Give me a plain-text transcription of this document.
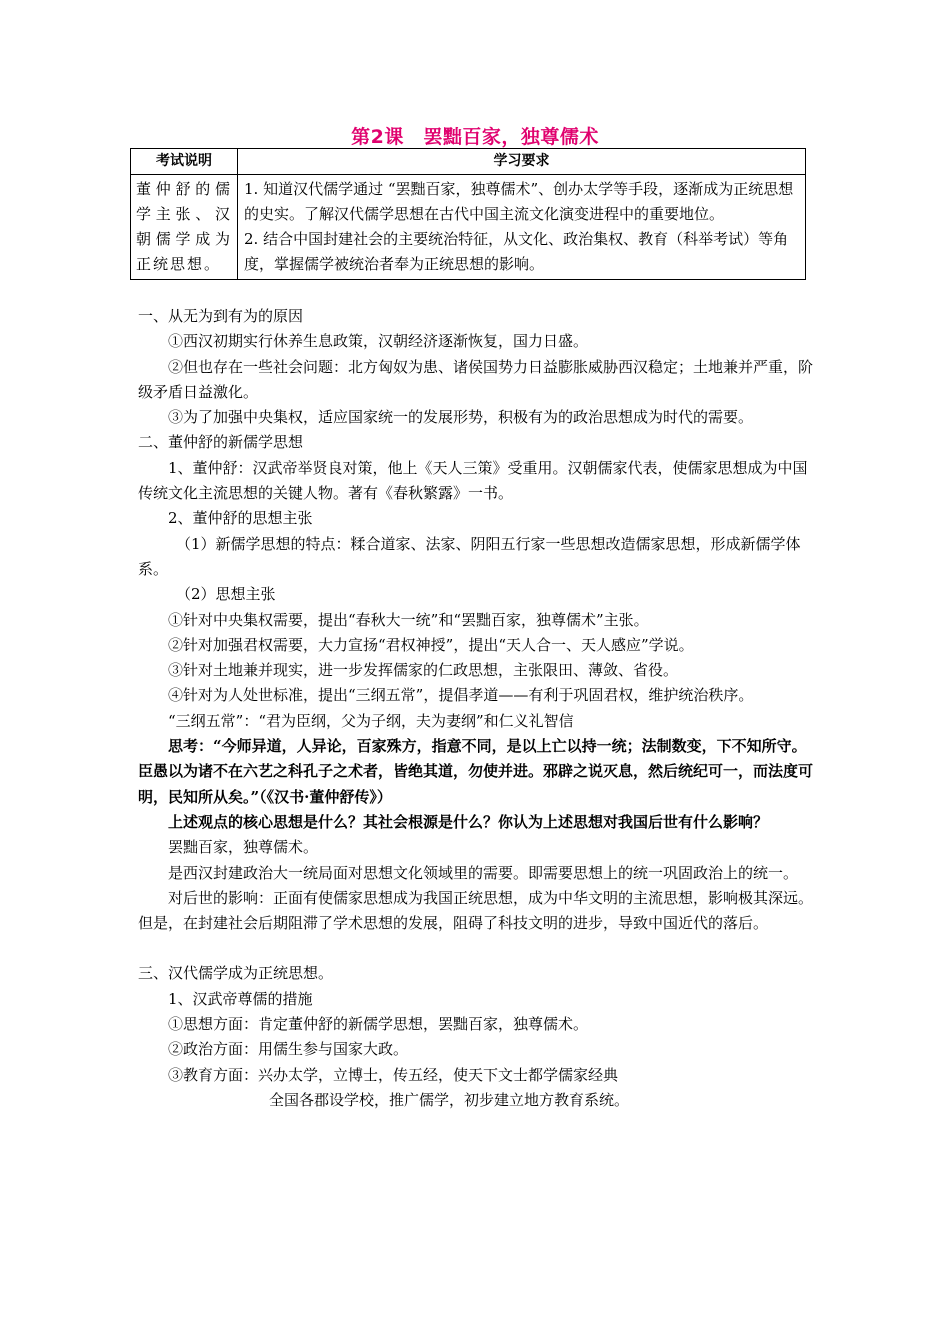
第2课　罢黜百家，独尊儒术
考试说明	学习要求
董仲舒的儒学主张、汉朝儒学成为正统思想。	1. 知道汉代儒学通过 “罢黜百家，独尊儒术”、创办太学等手段，逐渐成为正统思想的史实。了解汉代儒学思想在古代中国主流文化演变进程中的重要地位。
2. 结合中国封建社会的主要统治特征，从文化、政治集权、教育（科举考试）等角度，掌握儒学被统治者奉为正统思想的影响。

一、从无为到有为的原因

①西汉初期实行休养生息政策，汉朝经济逐渐恢复，国力日盛。

②但也存在一些社会问题：北方匈奴为患、诸侯国势力日益膨胀威胁西汉稳定；土地兼并严重，阶级矛盾日益激化。

③为了加强中央集权，适应国家统一的发展形势，积极有为的政治思想成为时代的需要。

二、董仲舒的新儒学思想

1、董仲舒：汉武帝举贤良对策，他上《天人三策》受重用。汉朝儒家代表，使儒家思想成为中国传统文化主流思想的关键人物。著有《春秋繁露》一书。

2、董仲舒的思想主张

（1）新儒学思想的特点：糅合道家、法家、阴阳五行家一些思想改造儒家思想，形成新儒学体系。

（2）思想主张

①针对中央集权需要，提出“春秋大一统”和“罢黜百家，独尊儒术”主张。

②针对加强君权需要，大力宣扬“君权神授”，提出“天人合一、天人感应”学说。

③针对土地兼并现实，进一步发挥儒家的仁政思想，主张限田、薄敛、省役。

④针对为人处世标准，提出“三纲五常”，提倡孝道——有利于巩固君权，维护统治秩序。

“三纲五常”：“君为臣纲，父为子纲，夫为妻纲”和仁义礼智信

思考：“今师异道，人异论，百家殊方，指意不同，是以上亡以持一统；法制数变，下不知所守。臣愚以为诸不在六艺之科孔子之术者，皆绝其道，勿使并进。邪辟之说灭息，然后统纪可一，而法度可明，民知所从矣。”（《汉书·董仲舒传》）

上述观点的核心思想是什么？其社会根源是什么？你认为上述思想对我国后世有什么影响？

罢黜百家，独尊儒术。

是西汉封建政治大一统局面对思想文化领域里的需要。即需要思想上的统一巩固政治上的统一。

对后世的影响：正面有使儒家思想成为我国正统思想，成为中华文明的主流思想，影响极其深远。但是，在封建社会后期阻滞了学术思想的发展，阻碍了科技文明的进步，导致中国近代的落后。

三、汉代儒学成为正统思想。

1、汉武帝尊儒的措施

①思想方面：肯定董仲舒的新儒学思想，罢黜百家，独尊儒术。

②政治方面：用儒生参与国家大政。

③教育方面：兴办太学，立博士，传五经，使天下文士都学儒家经典

全国各郡设学校，推广儒学，初步建立地方教育系统。
